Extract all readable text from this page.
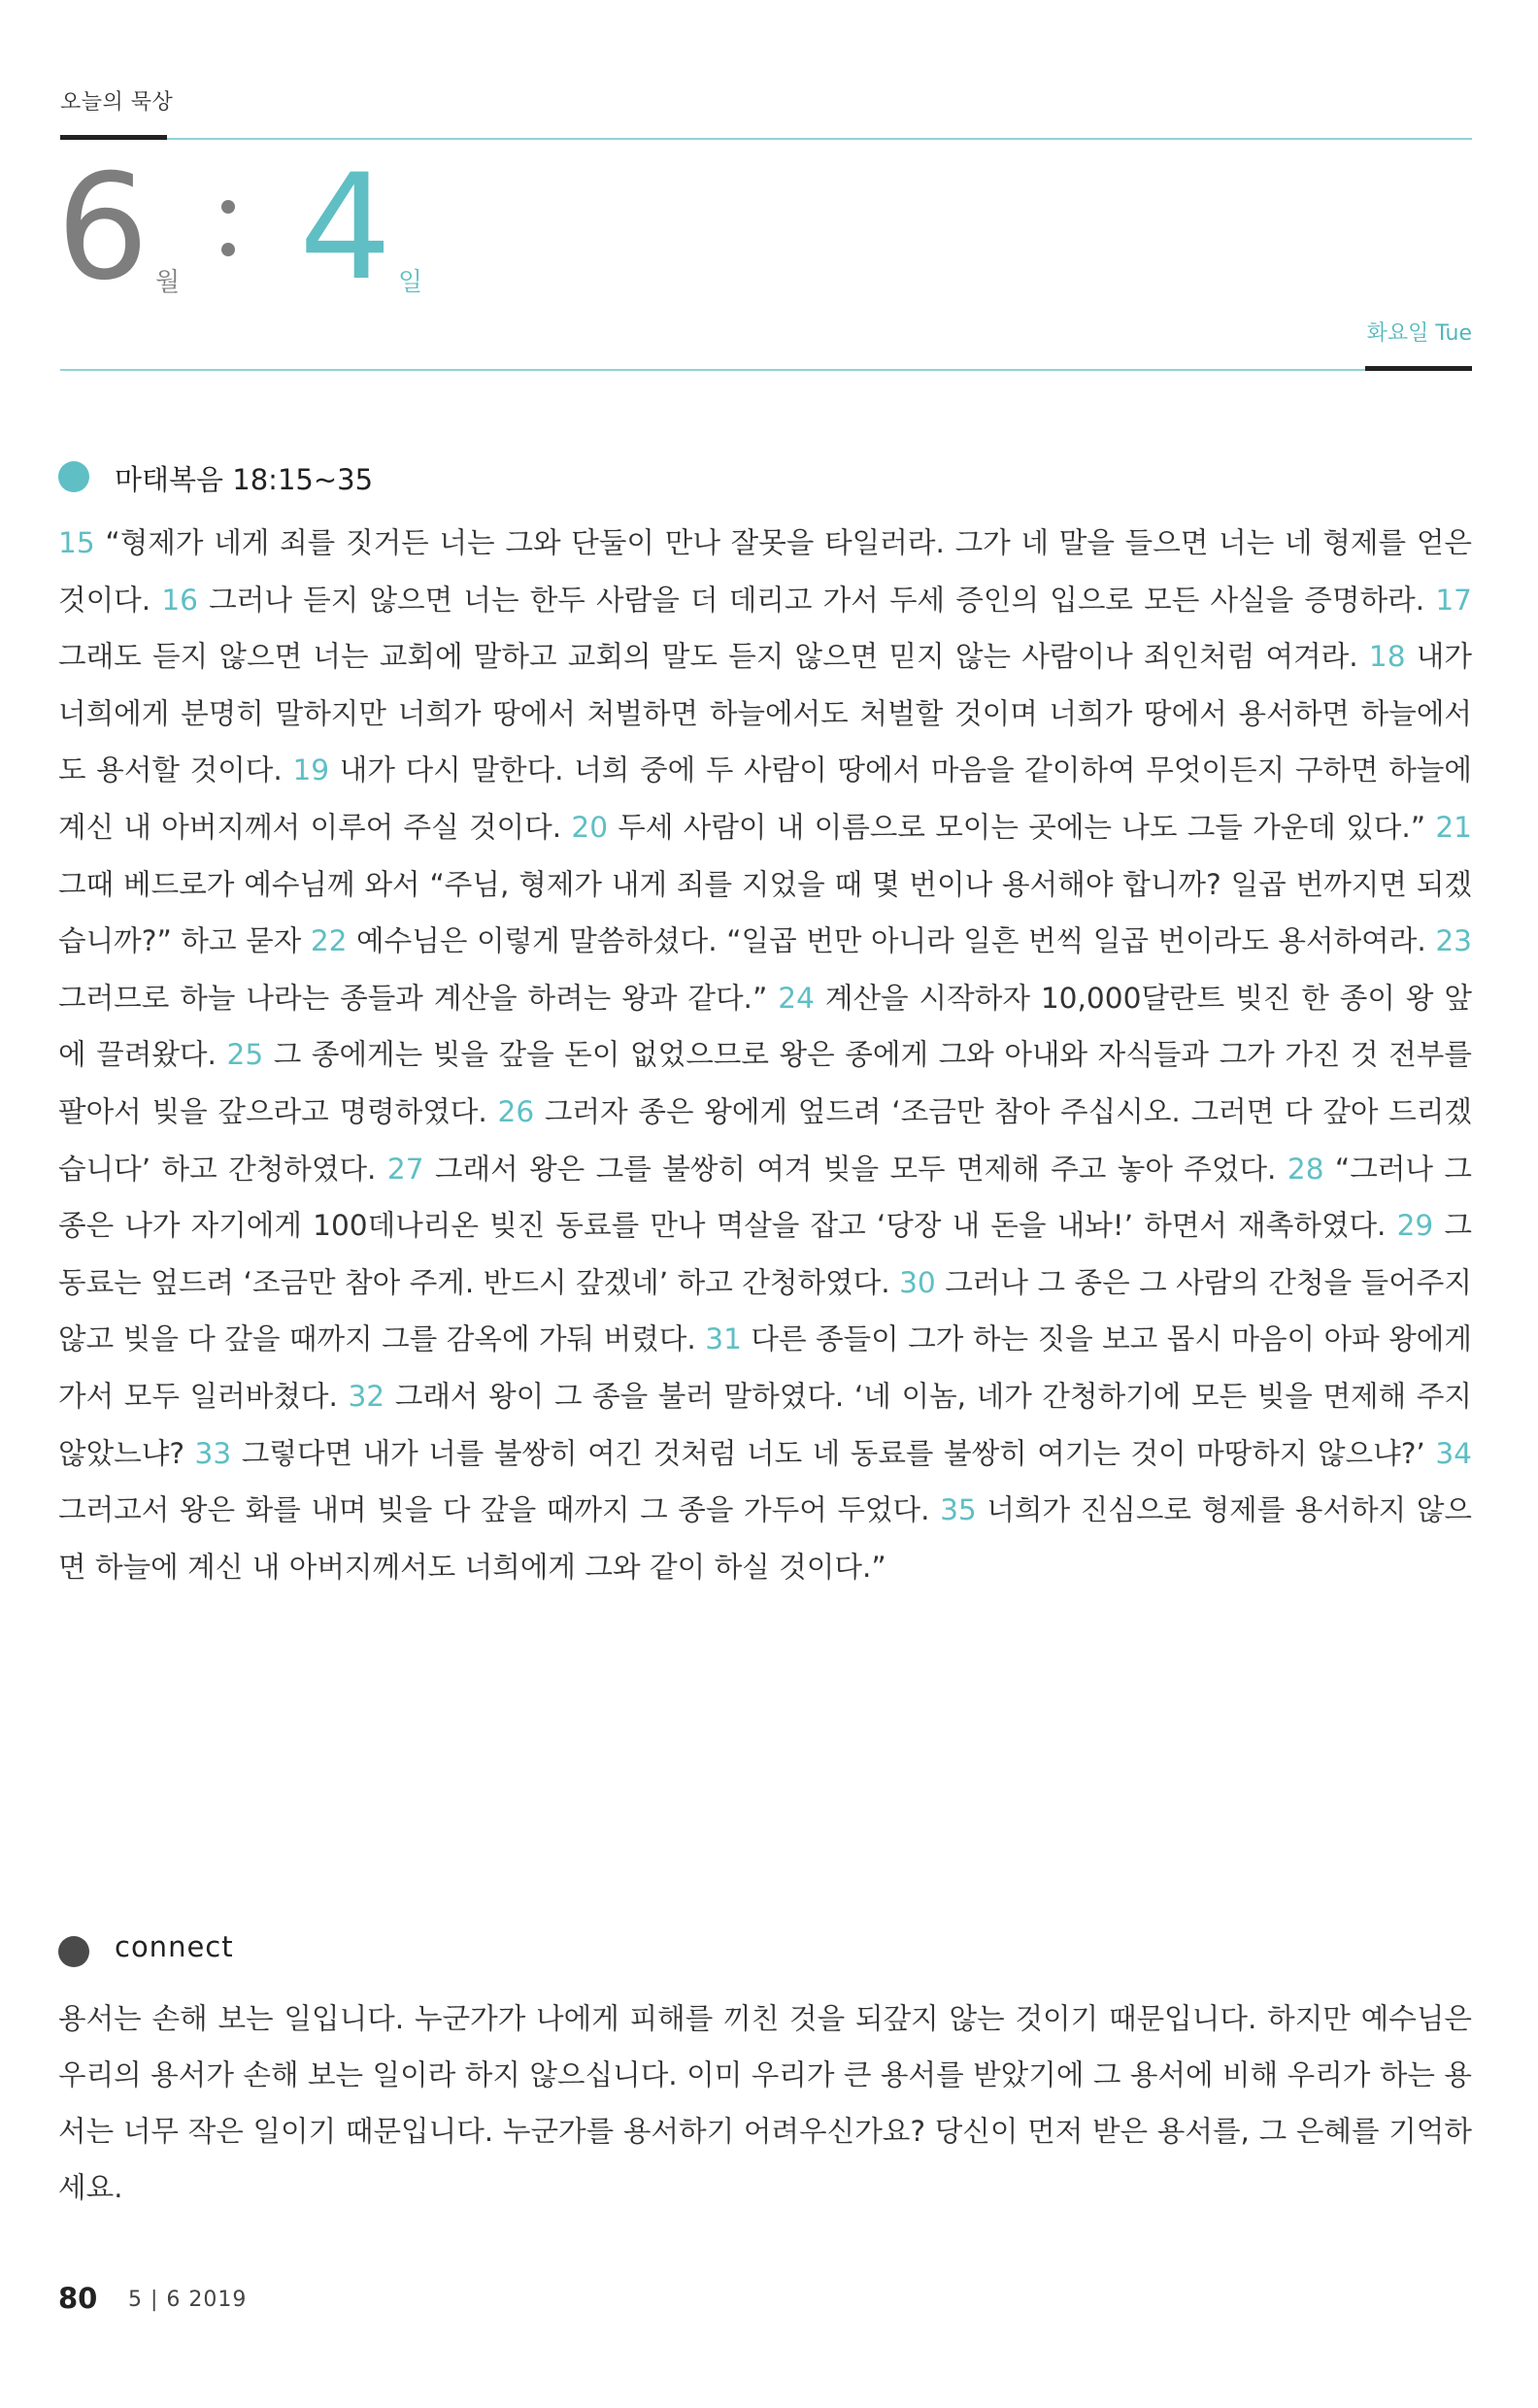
오늘의 묵상
6 월 4 일
화요일 Tue
마태복음 18:15~35
15 “형제가 네게 죄를 짓거든 너는 그와 단둘이 만나 잘못을 타일러라. 그가 네 말을 들으면 너는 네 형제를 얻은 것이다. 16 그러나 듣지 않으면 너는 한두 사람을 더 데리고 가서 두세 증인의 입으로 모든 사실을 증명하라. 17 그래도 듣지 않으면 너는 교회에 말하고 교회의 말도 듣지 않으면 믿지 않는 사람이나 죄인처럼 여겨라. 18 내가 너희에게 분명히 말하지만 너희가 땅에서 처벌하면 하늘에서도 처벌할 것이며 너희가 땅에서 용서하면 하늘에서도 용서할 것이다. 19 내가 다시 말한다. 너희 중에 두 사람이 땅에서 마음을 같이하여 무엇이든지 구하면 하늘에 계신 내 아버지께서 이루어 주실 것이다. 20 두세 사람이 내 이름으로 모이는 곳에는 나도 그들 가운데 있다.” 21 그때 베드로가 예수님께 와서 “주님, 형제가 내게 죄를 지었을 때 몇 번이나 용서해야 합니까? 일곱 번까지면 되겠습니까?” 하고 묻자 22 예수님은 이렇게 말씀하셨다. “일곱 번만 아니라 일흔 번씩 일곱 번이라도 용서하여라. 23 그러므로 하늘 나라는 종들과 계산을 하려는 왕과 같다.” 24 계산을 시작하자 10,000달란트 빚진 한 종이 왕 앞에 끌려왔다. 25 그 종에게는 빚을 갚을 돈이 없었으므로 왕은 종에게 그와 아내와 자식들과 그가 가진 것 전부를 팔아서 빚을 갚으라고 명령하였다. 26 그러자 종은 왕에게 엎드려 ‘조금만 참아 주십시오. 그러면 다 갚아 드리겠습니다’ 하고 간청하였다. 27 그래서 왕은 그를 불쌍히 여겨 빚을 모두 면제해 주고 놓아 주었다. 28 “그러나 그 종은 나가 자기에게 100데나리온 빚진 동료를 만나 멱살을 잡고 ‘당장 내 돈을 내놔!’ 하면서 재촉하였다. 29 그 동료는 엎드려 ‘조금만 참아 주게. 반드시 갚겠네’ 하고 간청하였다. 30 그러나 그 종은 그 사람의 간청을 들어주지 않고 빚을 다 갚을 때까지 그를 감옥에 가둬 버렸다. 31 다른 종들이 그가 하는 짓을 보고 몹시 마음이 아파 왕에게 가서 모두 일러바쳤다. 32 그래서 왕이 그 종을 불러 말하였다. ‘네 이놈, 네가 간청하기에 모든 빚을 면제해 주지 않았느냐? 33 그렇다면 내가 너를 불쌍히 여긴 것처럼 너도 네 동료를 불쌍히 여기는 것이 마땅하지 않으냐?’ 34 그러고서 왕은 화를 내며 빚을 다 갚을 때까지 그 종을 가두어 두었다. 35 너희가 진심으로 형제를 용서하지 않으면 하늘에 계신 내 아버지께서도 너희에게 그와 같이 하실 것이다.”
connect
용서는 손해 보는 일입니다. 누군가가 나에게 피해를 끼친 것을 되갚지 않는 것이기 때문입니다. 하지만 예수님은 우리의 용서가 손해 보는 일이라 하지 않으십니다. 이미 우리가 큰 용서를 받았기에 그 용서에 비해 우리가 하는 용서는 너무 작은 일이기 때문입니다. 누군가를 용서하기 어려우신가요? 당신이 먼저 받은 용서를, 그 은혜를 기억하세요.
80 5 | 6 2019
